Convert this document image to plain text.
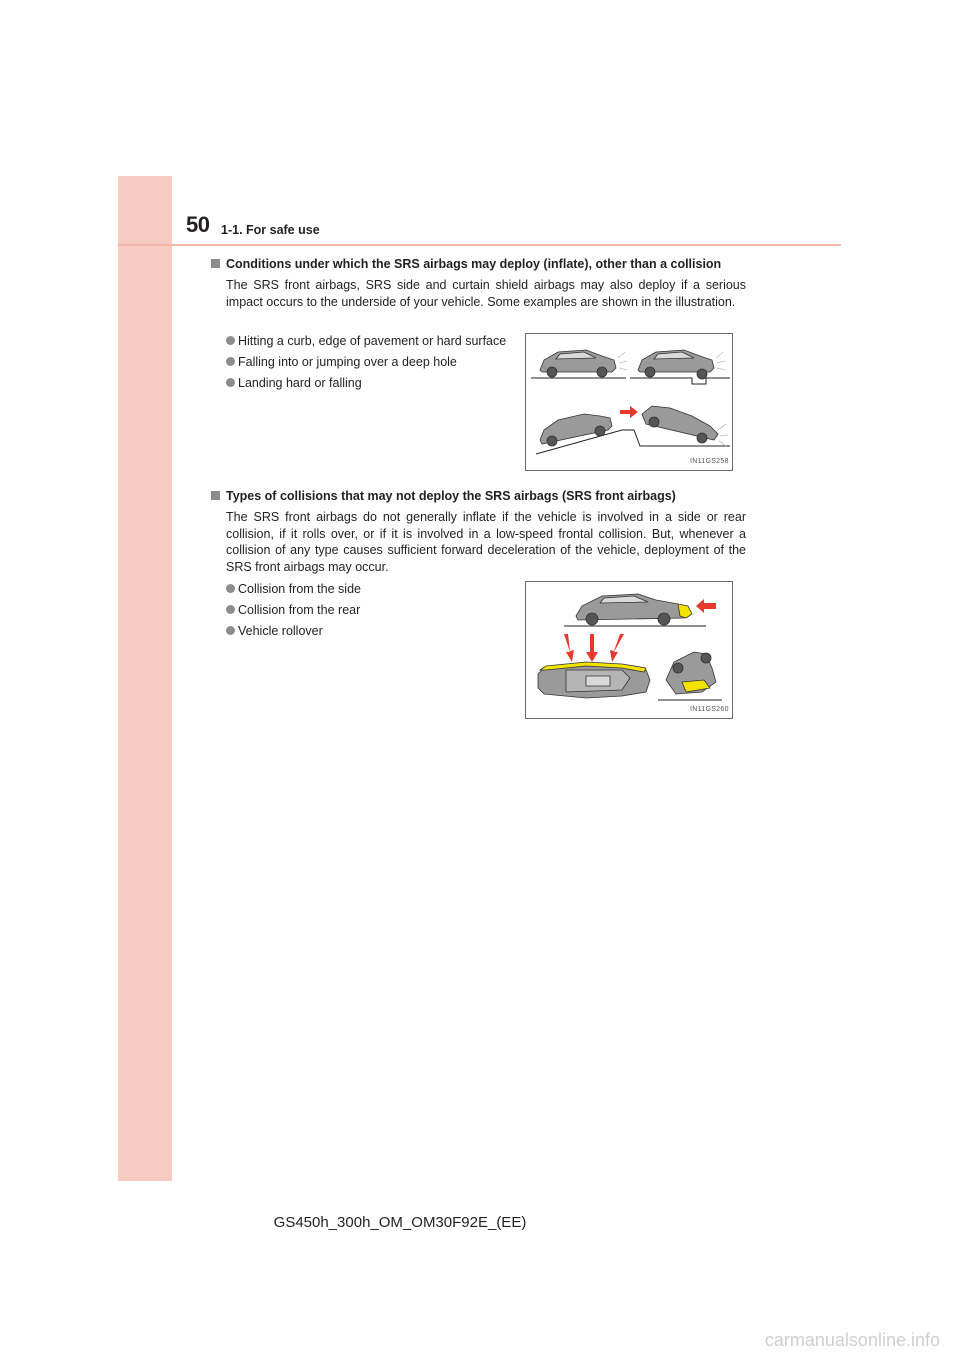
50 1-1. For safe use
Conditions under which the SRS airbags may deploy (inflate), other than a collision
The SRS front airbags, SRS side and curtain shield airbags may also deploy if a serious impact occurs to the underside of your vehicle. Some examples are shown in the illustration.
Hitting a curb, edge of pavement or hard surface
Falling into or jumping over a deep hole
Landing hard or falling
IN11GS258
Types of collisions that may not deploy the SRS airbags (SRS front airbags)
The SRS front airbags do not generally inflate if the vehicle is involved in a side or rear collision, if it rolls over, or if it is involved in a low-speed frontal collision. But, whenever a collision of any type causes sufficient forward deceleration of the vehicle, deployment of the SRS front airbags may occur.
Collision from the side
Collision from the rear
Vehicle rollover
IN11GS260
GS450h_300h_OM_OM30F92E_(EE)
carmanualsonline.info
